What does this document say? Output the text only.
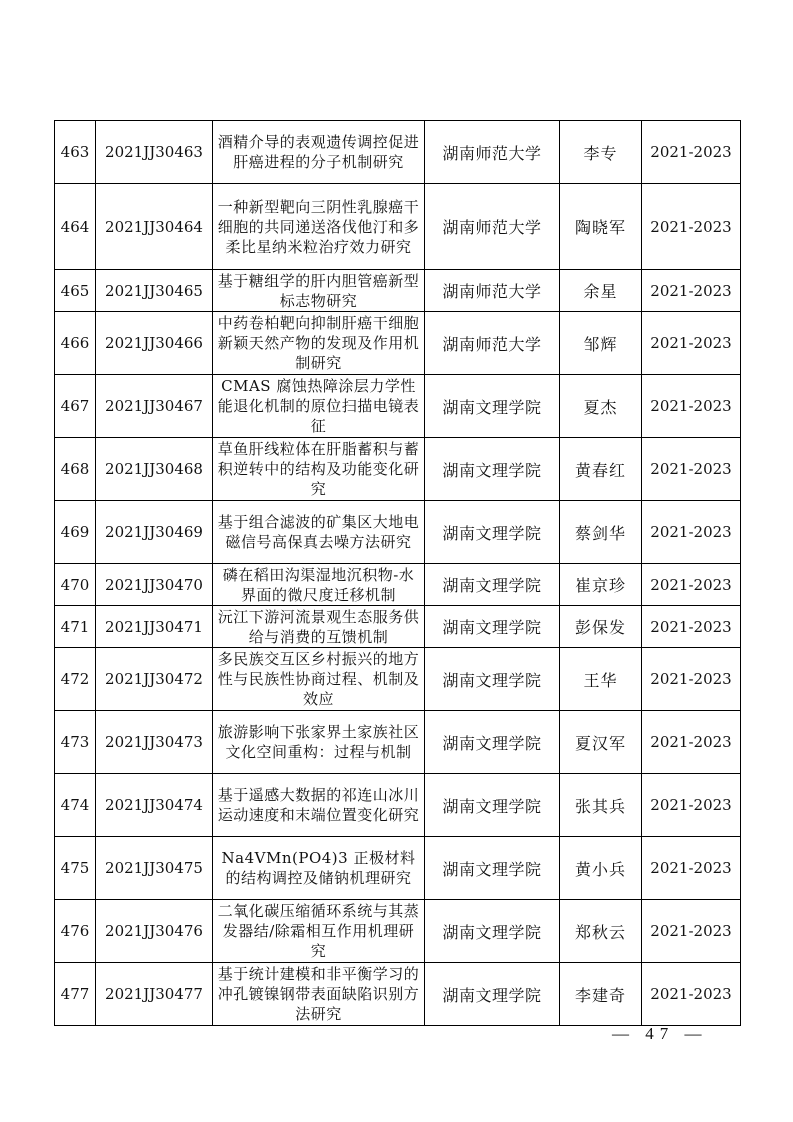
463	2021JJ30463	酒精介导的表观遗传调控促进肝癌进程的分子机制研究	湖南师范大学	李专	2021-2023
464	2021JJ30464	一种新型靶向三阴性乳腺癌干细胞的共同递送洛伐他汀和多柔比星纳米粒治疗效力研究	湖南师范大学	陶晓军	2021-2023
465	2021JJ30465	基于糖组学的肝内胆管癌新型标志物研究	湖南师范大学	余星	2021-2023
466	2021JJ30466	中药卷柏靶向抑制肝癌干细胞新颖天然产物的发现及作用机制研究	湖南师范大学	邹辉	2021-2023
467	2021JJ30467	CMAS 腐蚀热障涂层力学性能退化机制的原位扫描电镜表征	湖南文理学院	夏杰	2021-2023
468	2021JJ30468	草鱼肝线粒体在肝脂蓄积与蓄积逆转中的结构及功能变化研究	湖南文理学院	黄春红	2021-2023
469	2021JJ30469	基于组合滤波的矿集区大地电磁信号高保真去噪方法研究	湖南文理学院	蔡剑华	2021-2023
470	2021JJ30470	磷在稻田沟渠湿地沉积物-水界面的微尺度迁移机制	湖南文理学院	崔京珍	2021-2023
471	2021JJ30471	沅江下游河流景观生态服务供给与消费的互馈机制	湖南文理学院	彭保发	2021-2023
472	2021JJ30472	多民族交互区乡村振兴的地方性与民族性协商过程、机制及效应	湖南文理学院	王华	2021-2023
473	2021JJ30473	旅游影响下张家界土家族社区文化空间重构：过程与机制	湖南文理学院	夏汉军	2021-2023
474	2021JJ30474	基于遥感大数据的祁连山冰川运动速度和末端位置变化研究	湖南文理学院	张其兵	2021-2023
475	2021JJ30475	Na4VMn(PO4)3 正极材料的结构调控及储钠机理研究	湖南文理学院	黄小兵	2021-2023
476	2021JJ30476	二氧化碳压缩循环系统与其蒸发器结/除霜相互作用机理研究	湖南文理学院	郑秋云	2021-2023
477	2021JJ30477	基于统计建模和非平衡学习的冲孔镀镍钢带表面缺陷识别方法研究	湖南文理学院	李建奇	2021-2023
— 47 —
